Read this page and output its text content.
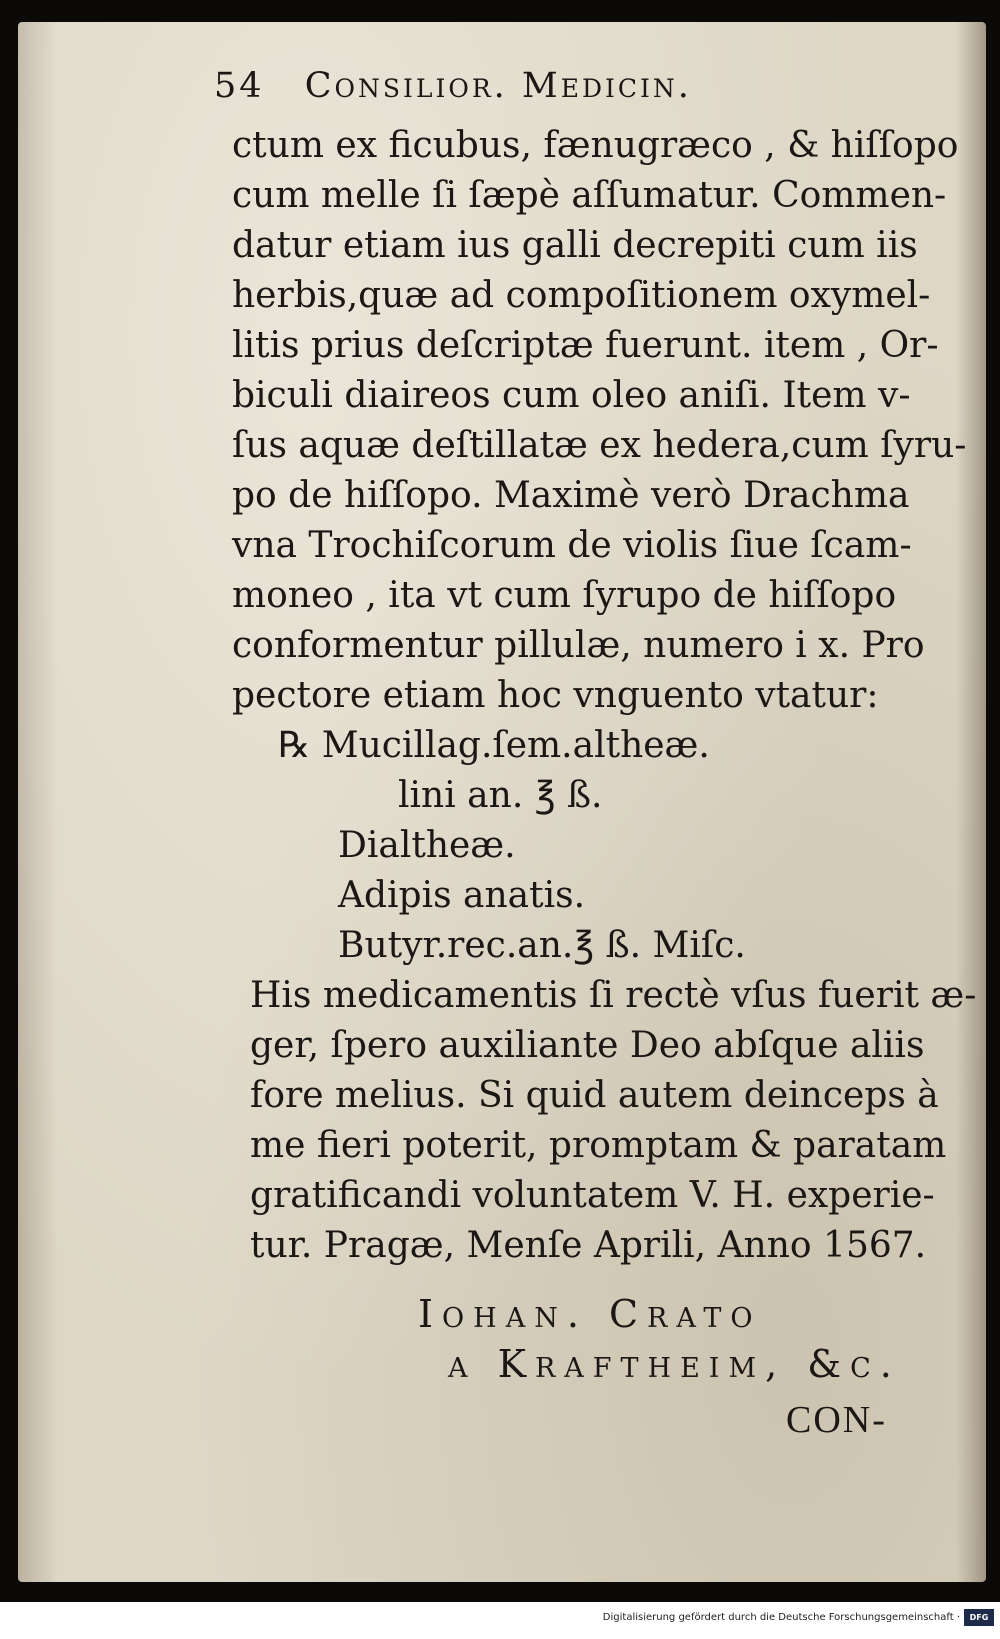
54 Consilior. Medicin.
ctum ex ficubus, fænugræco , & hiſſopo
cum melle ſi ſæpè aſſumatur. Commen-
datur etiam ius galli decrepiti cum iis
herbis,quæ ad compoſitionem oxymel-
litis prius deſcriptæ fuerunt. item , Or-
biculi diaireos cum oleo aniſi. Item v-
ſus aquæ deſtillatæ ex hedera,cum ſyru-
po de hiſſopo. Maximè verò Drachma
vna Trochiſcorum de violis ſiue ſcam-
moneo , ita vt cum ſyrupo de hiſſopo
conformentur pillulæ, numero i x. Pro
pectore etiam hoc vnguento vtatur:
℞ Mucillag.ſem.altheæ.
lini an. ℥ ß.
Dialtheæ.
Adipis anatis.
Butyr.rec.an.℥ ß. Miſc.
His medicamentis ſi rectè vſus fuerit æ-
ger, ſpero auxiliante Deo abſque aliis
fore melius. Si quid autem deinceps à
me fieri poterit, promptam & paratam
gratificandi voluntatem V. H. experie-
tur. Pragæ, Menſe Aprili, Anno 1567.
Iohan. Crato
a Kraftheim, &c.
CON-
Digitalisierung gefördert durch die Deutsche Forschungsgemeinschaft ·	DFG
